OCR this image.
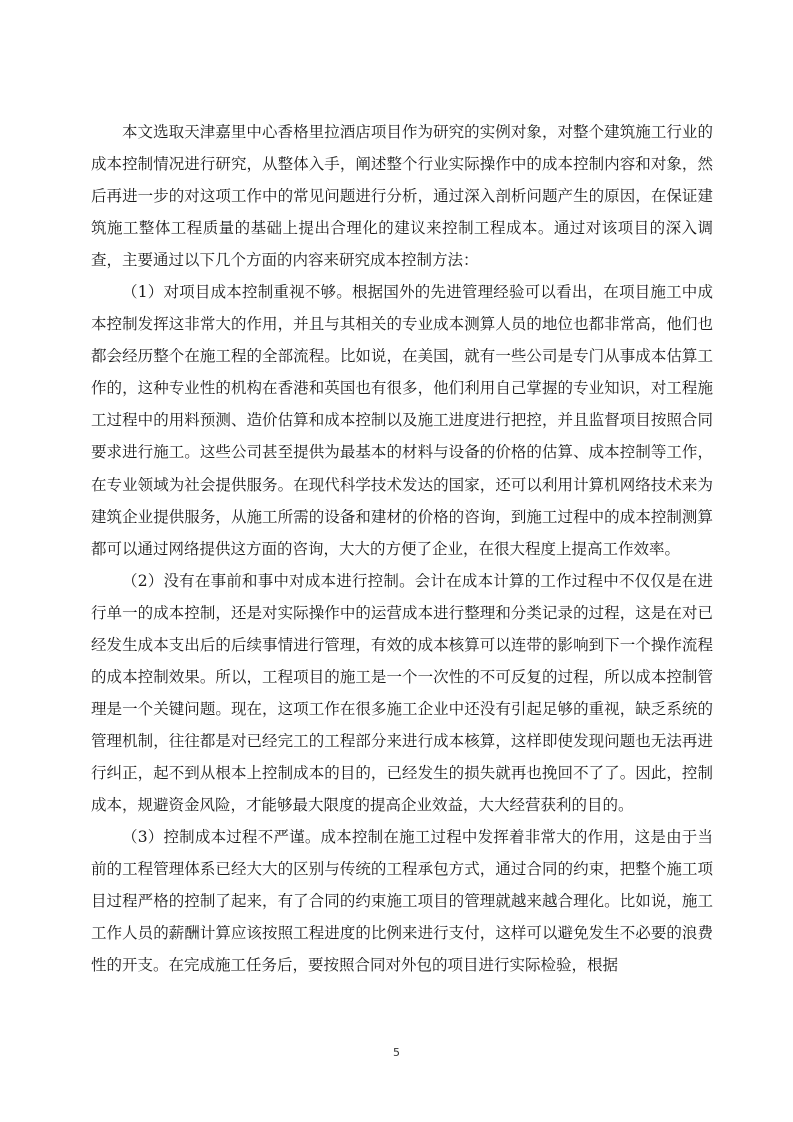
本文选取天津嘉里中心香格里拉酒店项目作为研究的实例对象，对整个建筑施工行业的成本控制情况进行研究，从整体入手，阐述整个行业实际操作中的成本控制内容和对象，然后再进一步的对这项工作中的常见问题进行分析，通过深入剖析问题产生的原因，在保证建筑施工整体工程质量的基础上提出合理化的建议来控制工程成本。通过对该项目的深入调查，主要通过以下几个方面的内容来研究成本控制方法：

（1）对项目成本控制重视不够。根据国外的先进管理经验可以看出，在项目施工中成本控制发挥这非常大的作用，并且与其相关的专业成本测算人员的地位也都非常高，他们也都会经历整个在施工程的全部流程。比如说，在美国，就有一些公司是专门从事成本估算工作的，这种专业性的机构在香港和英国也有很多，他们利用自己掌握的专业知识，对工程施工过程中的用料预测、造价估算和成本控制以及施工进度进行把控，并且监督项目按照合同要求进行施工。这些公司甚至提供为最基本的材料与设备的价格的估算、成本控制等工作，在专业领域为社会提供服务。在现代科学技术发达的国家，还可以利用计算机网络技术来为建筑企业提供服务，从施工所需的设备和建材的价格的咨询，到施工过程中的成本控制测算都可以通过网络提供这方面的咨询，大大的方便了企业，在很大程度上提高工作效率。

（2）没有在事前和事中对成本进行控制。会计在成本计算的工作过程中不仅仅是在进行单一的成本控制，还是对实际操作中的运营成本进行整理和分类记录的过程，这是在对已经发生成本支出后的后续事情进行管理，有效的成本核算可以连带的影响到下一个操作流程的成本控制效果。所以，工程项目的施工是一个一次性的不可反复的过程，所以成本控制管理是一个关键问题。现在，这项工作在很多施工企业中还没有引起足够的重视，缺乏系统的管理机制，往往都是对已经完工的工程部分来进行成本核算，这样即使发现问题也无法再进行纠正，起不到从根本上控制成本的目的，已经发生的损失就再也挽回不了了。因此，控制成本，规避资金风险，才能够最大限度的提高企业效益，大大经营获利的目的。

（3）控制成本过程不严谨。成本控制在施工过程中发挥着非常大的作用，这是由于当前的工程管理体系已经大大的区别与传统的工程承包方式，通过合同的约束，把整个施工项目过程严格的控制了起来，有了合同的约束施工项目的管理就越来越合理化。比如说，施工工作人员的薪酬计算应该按照工程进度的比例来进行支付，这样可以避免发生不必要的浪费性的开支。在完成施工任务后，要按照合同对外包的项目进行实际检验，根据

5
